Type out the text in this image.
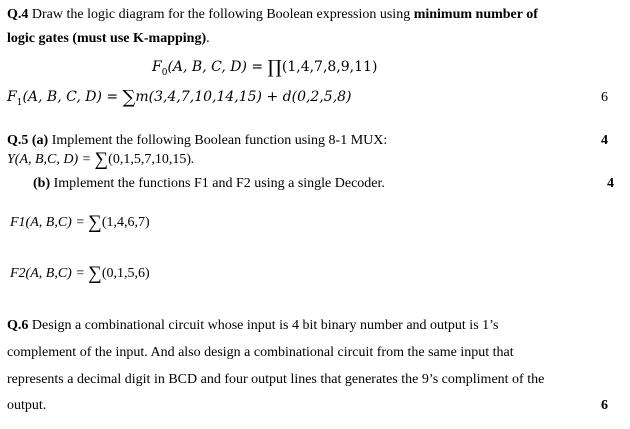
Q.4 Draw the logic diagram for the following Boolean expression using minimum number of
logic gates (must use K-mapping).
$F_0(A$, B, C, D) = ∏(1,4,7,8,9,11)
$F_1(A$, B, C, D) = ∑m(3,4,7,10,14,15) + d(0,2,5,8)	6
Q.5 (a) Implement the following Boolean function using 8-1 MUX:	4
Y(A, B,C, D) = ∑(0,1,5,7,10,15).
(b) Implement the functions F1 and F2 using a single Decoder.	4
F1(A, B,C) = ∑(1,4,6,7)
F2(A, B,C) = ∑(0,1,5,6)
Q.6 Design a combinational circuit whose input is 4 bit binary number and output is 1’s
complement of the input. And also design a combinational circuit from the same input that
represents a decimal digit in BCD and four output lines that generates the 9’s compliment of the
output.	6
